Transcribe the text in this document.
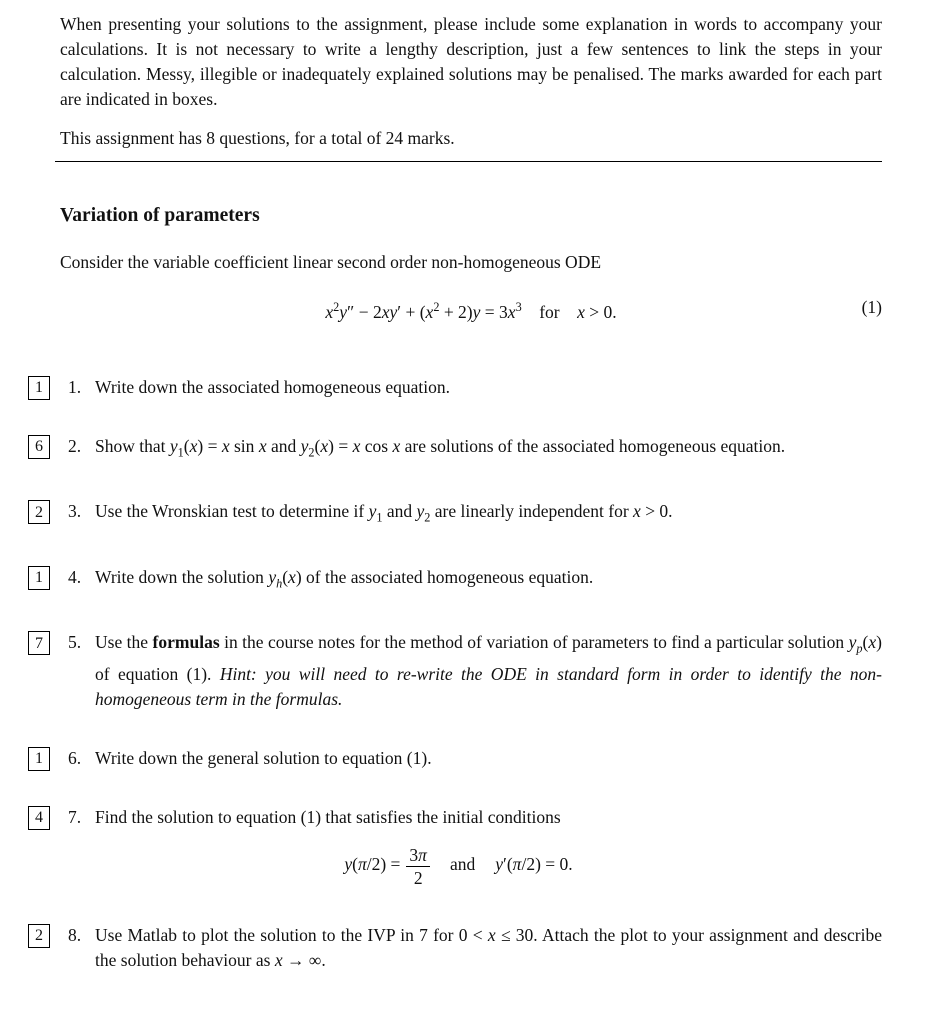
When presenting your solutions to the assignment, please include some explanation in words to accompany your calculations. It is not necessary to write a lengthy description, just a few sentences to link the steps in your calculation. Messy, illegible or inadequately explained solutions may be penalised. The marks awarded for each part are indicated in boxes.

This assignment has 8 questions, for a total of 24 marks.

Variation of parameters

Consider the variable coefficient linear second order non-homogeneous ODE

$x^2y'' - 2xy' + (x^2 + 2)y = 3x^3$ for x > 0.	(1)
1	1. Write down the associated homogeneous equation.
6	2. Show that $y_1(x) = x$ sin x and $y_2(x) = x$ cos x are solutions of the associated homogeneous equation.
2	3. Use the Wronskian test to determine if $y_1$ and $y_2$ are linearly independent for x > 0.
1	4. Write down the solution $y_h(x)$ of the associated homogeneous equation.
7	5. Use the formulas in the course notes for the method of variation of parameters to find a particular solution $y_p(x)$ of equation (1). Hint: you will need to re-write the ODE in standard form in order to identify the non-homogeneous term in the formulas.
1	6. Write down the general solution to equation (1).
4	7. Find the solution to equation (1) that satisfies the initial conditions
$y(\pi/2) = \frac{3\pi}{2}$ and y′(π/2) = 0.
2	8. Use Matlab to plot the solution to the IVP in 7 for 0 < x ≤ 30. Attach the plot to your assignment and describe the solution behaviour as x → ∞.
